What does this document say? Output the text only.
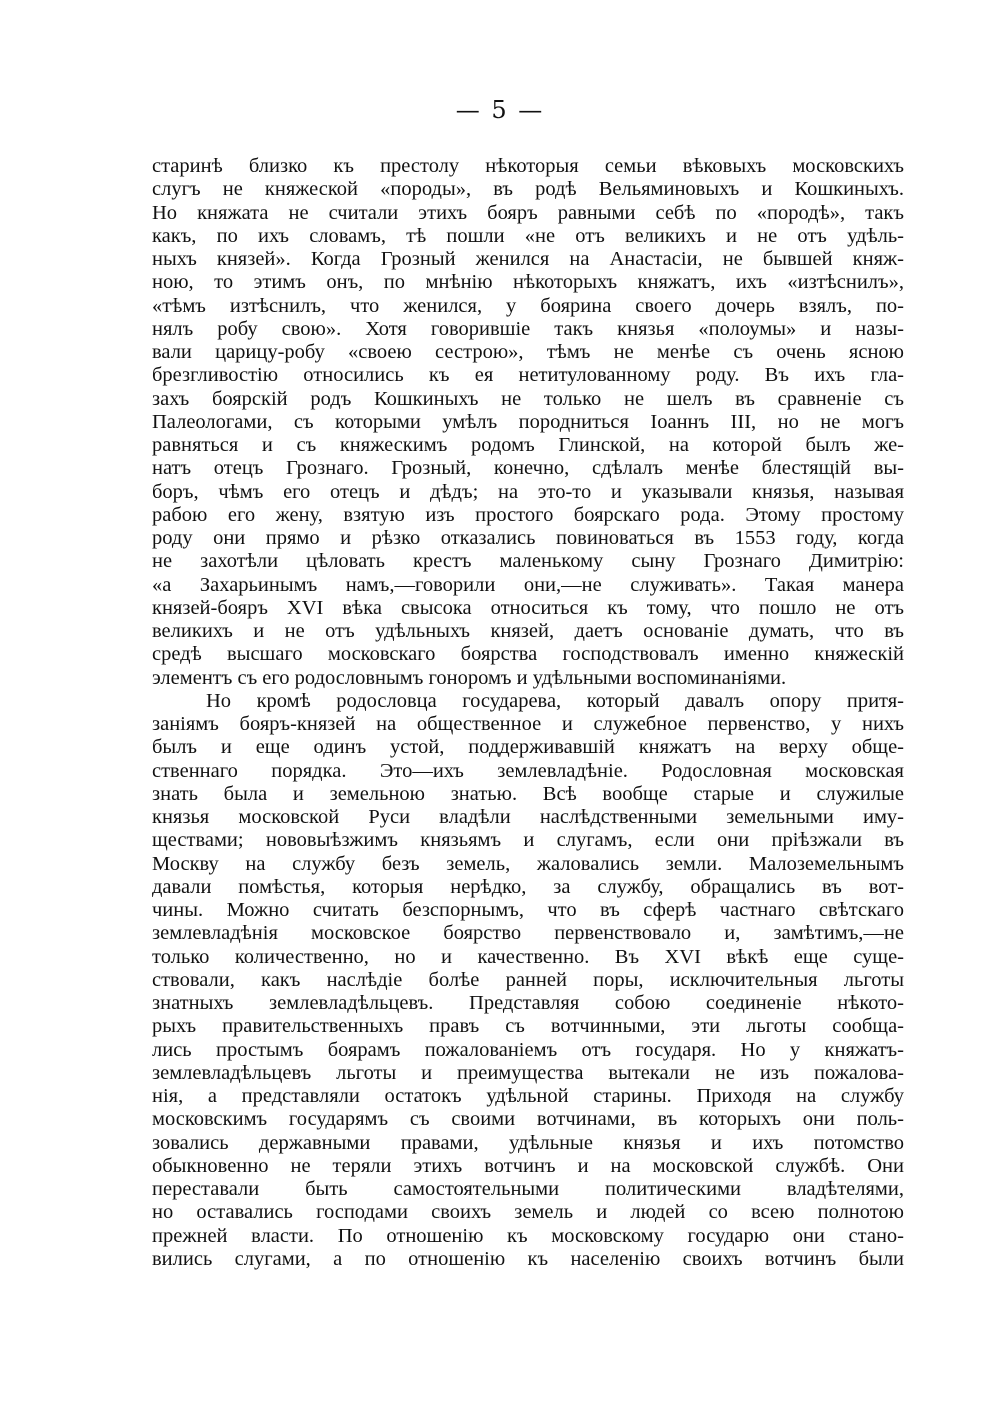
— 5 —
старинѣ близко къ престолу нѣкоторыя семьи вѣковыхъ московскихъ
слугъ не княжеской «породы», въ родѣ Вельяминовыхъ и Кошкиныхъ.
Но княжата не считали этихъ бояръ равными себѣ по «породѣ», такъ
какъ, по ихъ словамъ, тѣ пошли «не отъ великихъ и не отъ удѣль-
ныхъ князей». Когда Грозный женился на Анастасіи, не бывшей княж-
ною, то этимъ онъ, по мнѣнію нѣкоторыхъ княжатъ, ихъ «изтѣснилъ»,
«тѣмъ изтѣснилъ, что женился, у боярина своего дочерь взялъ, по-
нялъ робу свою». Хотя говорившіе такъ князья «полоумы» и назы-
вали царицу-робу «своею сестрою», тѣмъ не менѣе съ очень ясною
брезгливостію относились къ ея нетитулованному роду. Въ ихъ гла-
захъ боярскій родъ Кошкиныхъ не только не шелъ въ сравненіе съ
Палеологами, съ которыми умѣлъ породниться Іоаннъ III, но не могъ
равняться и съ княжескимъ родомъ Глинской, на которой былъ же-
натъ отецъ Грознаго. Грозный, конечно, сдѣлалъ менѣе блестящій вы-
боръ, чѣмъ его отецъ и дѣдъ; на это-то и указывали князья, называя
рабою его жену, взятую изъ простого боярскаго рода. Этому простому
роду они прямо и рѣзко отказались повиноваться въ 1553 году, когда
не захотѣли цѣловать крестъ маленькому сыну Грознаго Димитрію:
«а Захарьинымъ намъ,—говорили они,—не служивать». Такая манера
князей-бояръ XVI вѣка свысока относиться къ тому, что пошло не отъ
великихъ и не отъ удѣльныхъ князей, даетъ основаніе думать, что въ
средѣ высшаго московскаго боярства господствовалъ именно княжескій
элементъ съ его родословнымъ гоноромъ и удѣльными воспоминаніями.
Но кромѣ родословца государева, который давалъ опору притя-
заніямъ бояръ-князей на общественное и служебное первенство, у нихъ
былъ и еще одинъ устой, поддерживавшій княжатъ на верху обще-
ственнаго порядка. Это—ихъ землевладѣніе. Родословная московская
знать была и земельною знатью. Всѣ вообще старые и служилые
князья московской Руси владѣли наслѣдственными земельными иму-
ществами; нововыѣзжимъ князьямъ и слугамъ, если они пріѣзжали въ
Москву на службу безъ земель, жаловались земли. Малоземельнымъ
давали помѣстья, которыя нерѣдко, за службу, обращались въ вот-
чины. Можно считать безспорнымъ, что въ сферѣ частнаго свѣтскаго
землевладѣнія московское боярство первенствовало и, замѣтимъ,—не
только количественно, но и качественно. Въ XVI вѣкѣ еще суще-
ствовали, какъ наслѣдіе болѣе ранней поры, исключительныя льготы
знатныхъ землевладѣльцевъ. Представляя собою соединеніе нѣкото-
рыхъ правительственныхъ правъ съ вотчинными, эти льготы сообща-
лись простымъ боярамъ пожалованіемъ отъ государя. Но у княжатъ-
землевладѣльцевъ льготы и преимущества вытекали не изъ пожалова-
нія, а представляли остатокъ удѣльной старины. Приходя на службу
московскимъ государямъ съ своими вотчинами, въ которыхъ они поль-
зовались державными правами, удѣльные князья и ихъ потомство
обыкновенно не теряли этихъ вотчинъ и на московской службѣ. Они
переставали быть самостоятельными политическими владѣтелями,
но оставались господами своихъ земель и людей со всею полнотою
прежней власти. По отношенію къ московскому государю они стано-
вились слугами, а по отношенію къ населенію своихъ вотчинъ были
